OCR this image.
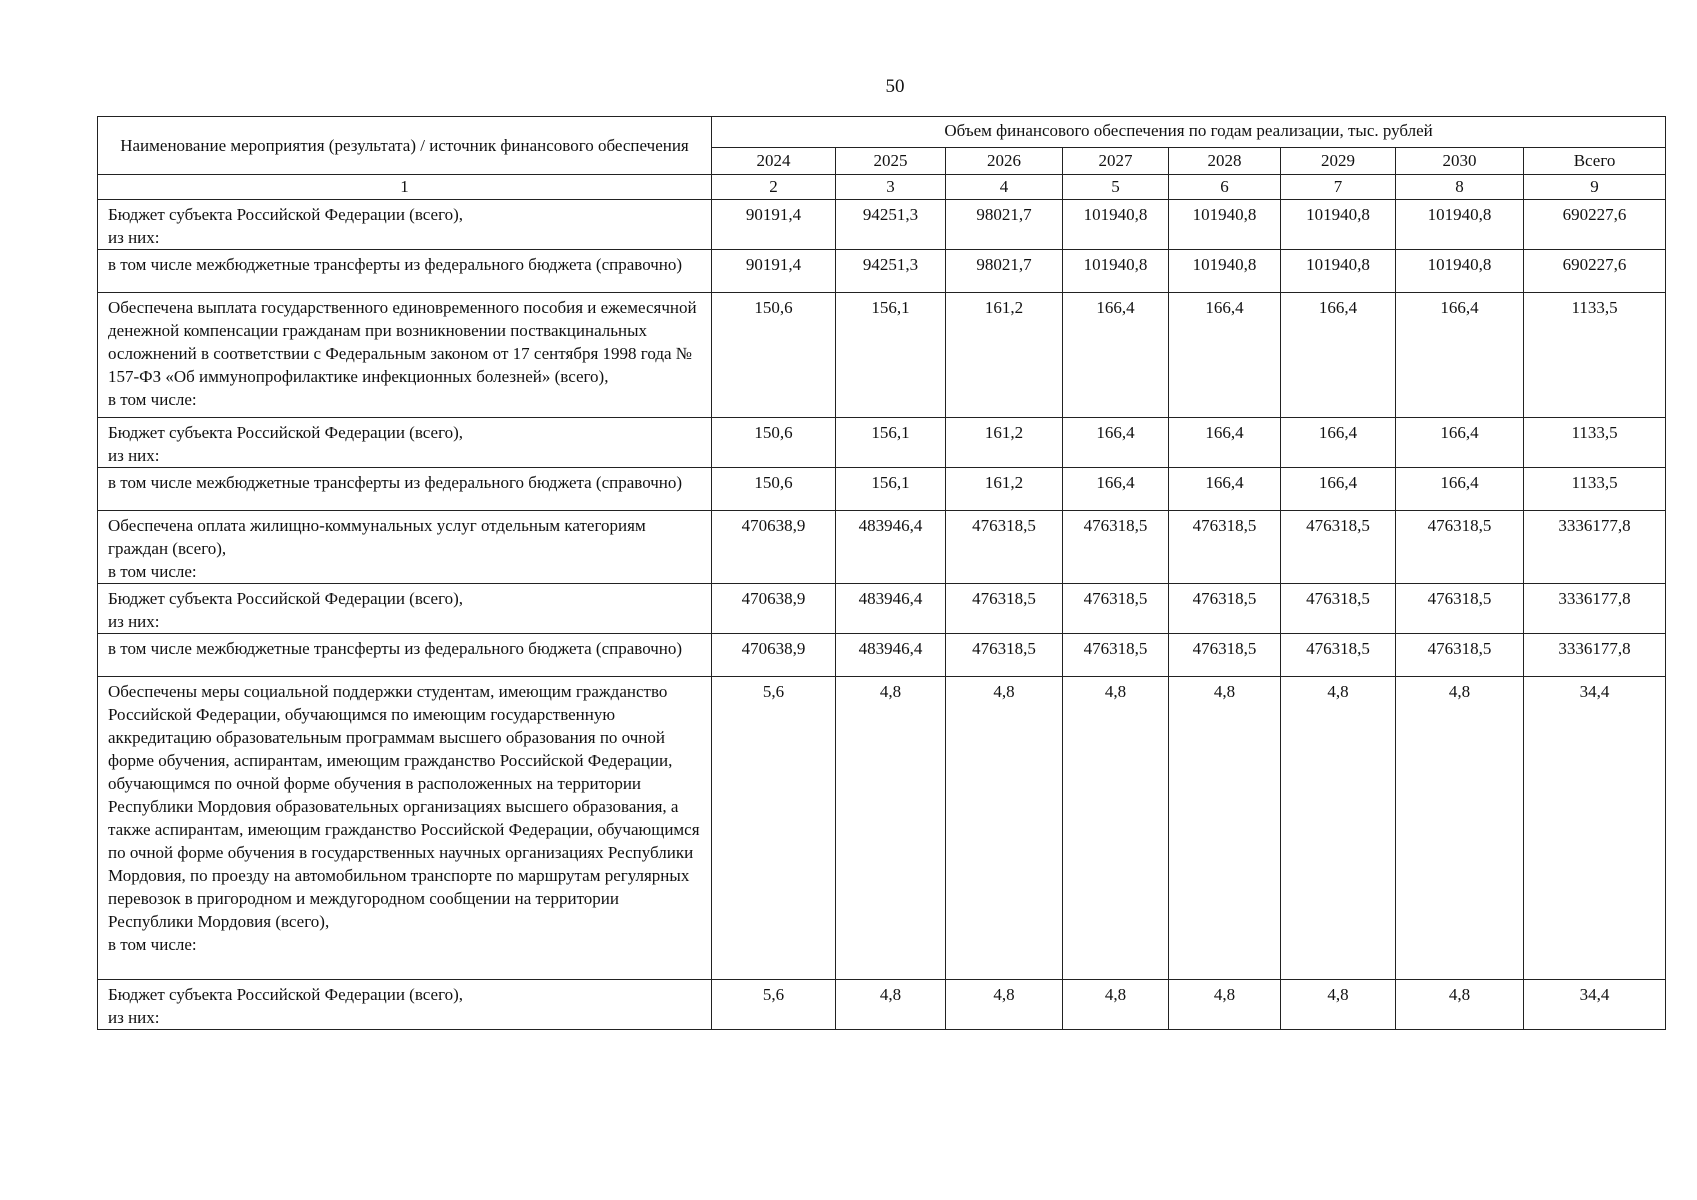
50
Наименование мероприятия (результата) / источник финансового обеспечения	Объем финансового обеспечения по годам реализации, тыс. рублей							
	2024	2025	2026	2027	2028	2029	2030	Всего
1	2	3	4	5	6	7	8	9
Бюджет субъекта Российской Федерации (всего),
из них:	90191,4	94251,3	98021,7	101940,8	101940,8	101940,8	101940,8	690227,6
в том числе межбюджетные трансферты из федерального бюджета (справочно)	90191,4	94251,3	98021,7	101940,8	101940,8	101940,8	101940,8	690227,6
Обеспечена выплата государственного единовременного пособия и ежемесячной денежной компенсации гражданам при возникновении поствакцинальных осложнений в соответствии с Федеральным законом от 17 сентября 1998 года № 157-ФЗ «Об иммунопрофилактике инфекционных болезней» (всего),
в том числе:	150,6	156,1	161,2	166,4	166,4	166,4	166,4	1133,5
Бюджет субъекта Российской Федерации (всего),
из них:	150,6	156,1	161,2	166,4	166,4	166,4	166,4	1133,5
в том числе межбюджетные трансферты из федерального бюджета (справочно)	150,6	156,1	161,2	166,4	166,4	166,4	166,4	1133,5
Обеспечена оплата жилищно-коммунальных услуг отдельным категориям граждан (всего),
в том числе:	470638,9	483946,4	476318,5	476318,5	476318,5	476318,5	476318,5	3336177,8
Бюджет субъекта Российской Федерации (всего),
из них:	470638,9	483946,4	476318,5	476318,5	476318,5	476318,5	476318,5	3336177,8
в том числе межбюджетные трансферты из федерального бюджета (справочно)	470638,9	483946,4	476318,5	476318,5	476318,5	476318,5	476318,5	3336177,8
Обеспечены меры социальной поддержки студентам, имеющим гражданство Российской Федерации, обучающимся по имеющим государственную аккредитацию образовательным программам высшего образования по очной форме обучения, аспирантам, имеющим гражданство Российской Федерации, обучающимся по очной форме обучения в расположенных на территории Республики Мордовия образовательных организациях высшего образования, а также аспирантам, имеющим гражданство Российской Федерации, обучающимся по очной форме обучения в государственных научных организациях Республики Мордовия, по проезду на автомобильном транспорте по маршрутам регулярных перевозок в пригородном и междугородном сообщении на территории Республики Мордовия (всего),
в том числе:	5,6	4,8	4,8	4,8	4,8	4,8	4,8	34,4
Бюджет субъекта Российской Федерации (всего),
из них:	5,6	4,8	4,8	4,8	4,8	4,8	4,8	34,4
